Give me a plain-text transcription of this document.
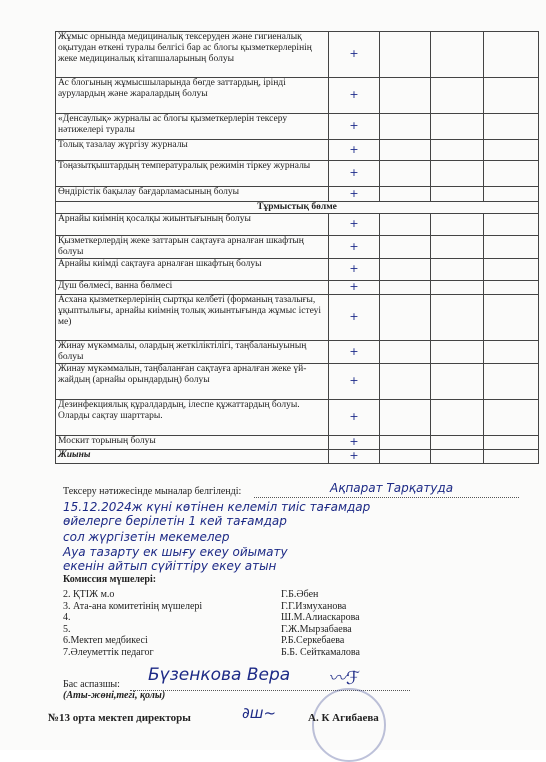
Жұмыс орнында медициналық тексеруден және гигиеналық оқытудан өткені туралы белгісі бар ас блогы қызметкерлерінің жеке медициналық кітапшаларының болуы	+			
Ас блогының жұмысшыларында бөгде заттардың, ірінді аурулардың және жаралардың болуы	+			
«Денсаулық» журналы ас блогы қызметкерлерін тексеру нәтижелері туралы	+			
Толық тазалау жүргізу журналы	+			
Тоңазытқыштардың температуралық режимін тіркеу журналы	+			
Өндірістік бақылау бағдарламасының болуы	+			
Тұрмыстық бөлме				
Арнайы киімнің қосалқы жиынтығының болуы	+			
Қызметкерлердің жеке заттарын сақтауға арналған шкафтың болуы	+			
Арнайы киімді сақтауға арналған шкафтың болуы	+			
Душ бөлмесі, ванна бөлмесі	+			
Асхана қызметкерлерінің сыртқы келбеті (форманың тазалығы, ұқыптылығы, арнайы киімнің толық жиынтығында жұмыс істеуі ме)	+			
Жинау мүкәммалы, олардың жеткіліктілігі, таңбаланыуының болуы	+			
Жинау мүкәммалын, таңбаланған сақтауға арналған жеке үй-жайдың (арнайы орындардың) болуы	+			
Дезинфекциялық құралдардың, ілеспе құжаттардың болуы. Оларды сақтау шарттары.	+			
Москит торының болуы	+			
Жиыны	+			
Тексеру нәтижесінде мыналар белгіленді:	Ақпарат Тарқатуда
15.12.2024ж күні көтінен келеміл тиіс тағамдар
өйелерге берілетін 1 кей тағамдар
сол жүргізетін мекемелер
Ауа тазарту ек шығу екеу ойымату
екенін айтып сүйіттіру екеу атын
Комиссия мүшелері:
2. ҚТІЖ м.о	Г.Б.Әбен
3. Ата-ана комитетінің мүшелері	Г.Г.Измуханова
4.	Ш.М.Алиаскарова
5.	Г.Ж.Мырзабаева
6.Мектеп медбикесі	Р.Б.Серкебаева
7.Әлеуметтік педагог	Б.Б. Сейткамалова
Бас аспазшы:
(Аты-жөні,тегі, қолы)
Бүзенкова Вера 〰ℱ
№13 орта мектеп директоры	∂ш~	А. К Агибаева
